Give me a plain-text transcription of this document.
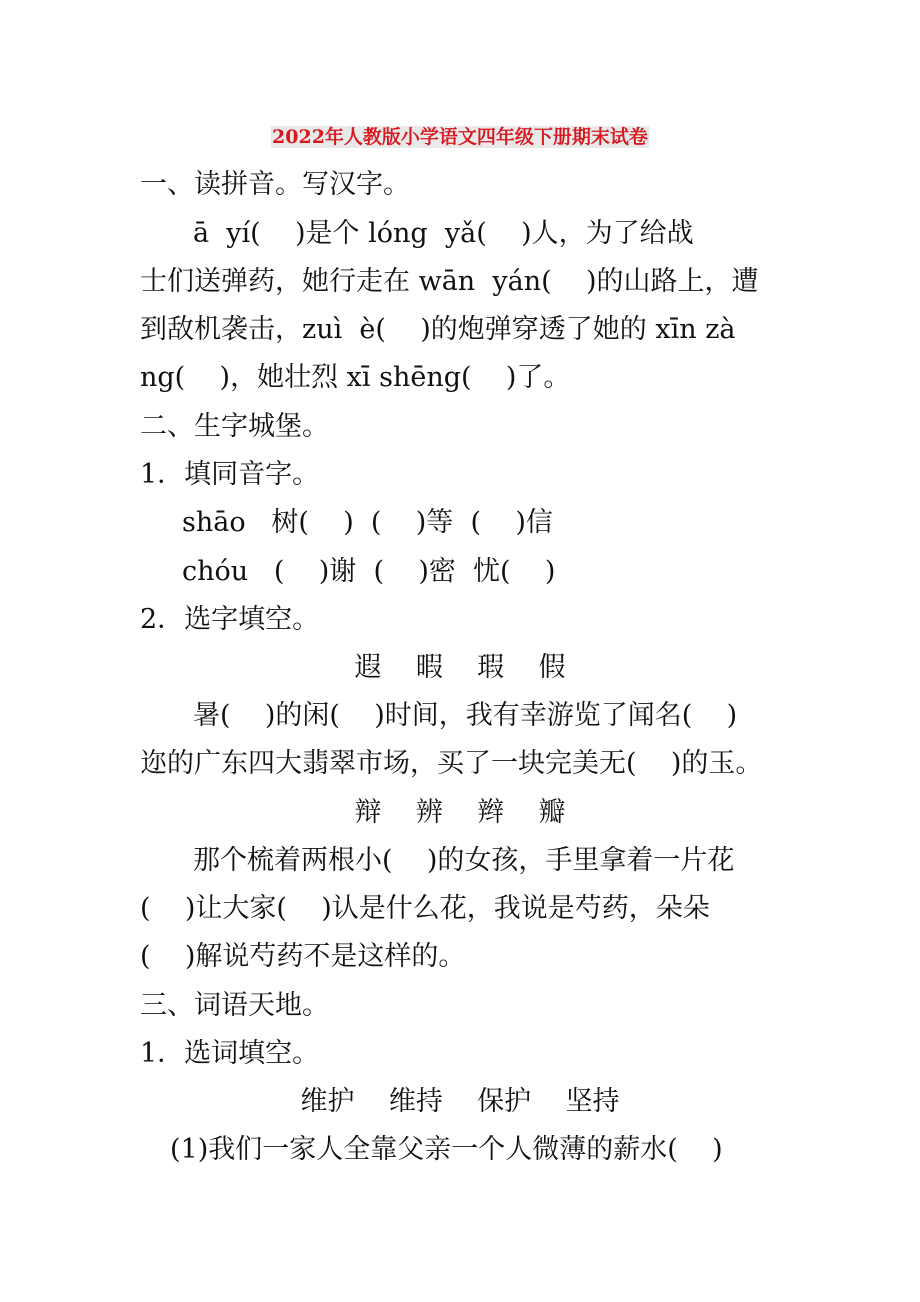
2022年人教版小学语文四年级下册期末试卷
一、读拼音。写汉字。
ā  yí(    )是个 lóng  yǎ(    )人，为了给战
士们送弹药，她行走在 wān  yán(    )的山路上，遭
到敌机袭击，zuì  è(    )的炮弹穿透了她的 xīn zà
ng(    )，她壮烈 xī shēng(    )了。
二、生字城堡。
1．填同音字。
shāo   树(    )  (    )等  (    )信
chóu   (    )谢  (    )密  忧(    )
2．选字填空。
遐    暇    瑕    假
暑(    )的闲(    )时间，我有幸游览了闻名(    )
迩的广东四大翡翠市场，买了一块完美无(    )的玉。
辩    辨    辫    瓣
那个梳着两根小(    )的女孩，手里拿着一片花
(    )让大家(    )认是什么花，我说是芍药，朵朵
(    )解说芍药不是这样的。
三、词语天地。
1．选词填空。
维护    维持    保护    坚持
(1)我们一家人全靠父亲一个人微薄的薪水(    )
